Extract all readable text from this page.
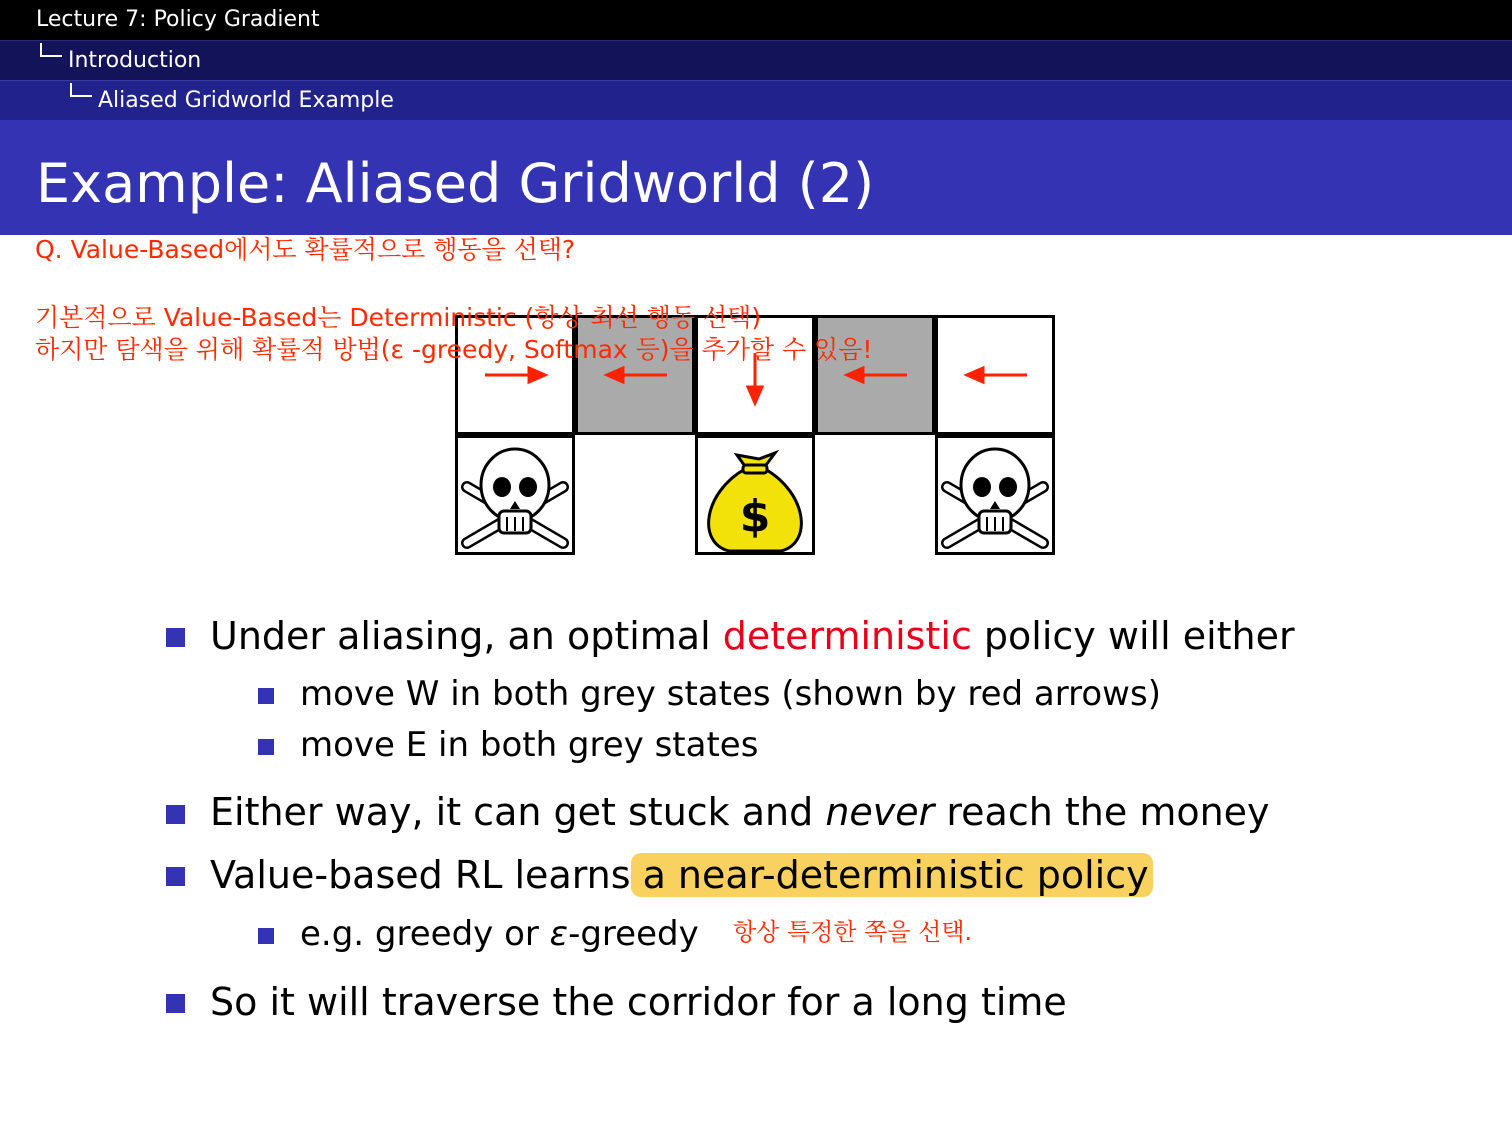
Lecture 7: Policy Gradient
Introduction
Aliased Gridworld Example
Example: Aliased Gridworld (2)
$
Q. Value-Based에서도 확률적으로 행동을 선택?
기본적으로 Value-Based는 Deterministic (항상 최선 행동 선택)
하지만 탐색을 위해 확률적 방법(ε -greedy, Softmax 등)을 추가할 수 있음!
Under aliasing, an optimal deterministic policy will either
move W in both grey states (shown by red arrows)
move E in both grey states
Either way, it can get stuck and never reach the money
Value-based RL learns a near-deterministic policy
e.g. greedy or ε-greedy 항상 특정한 쪽을 선택.
So it will traverse the corridor for a long time
